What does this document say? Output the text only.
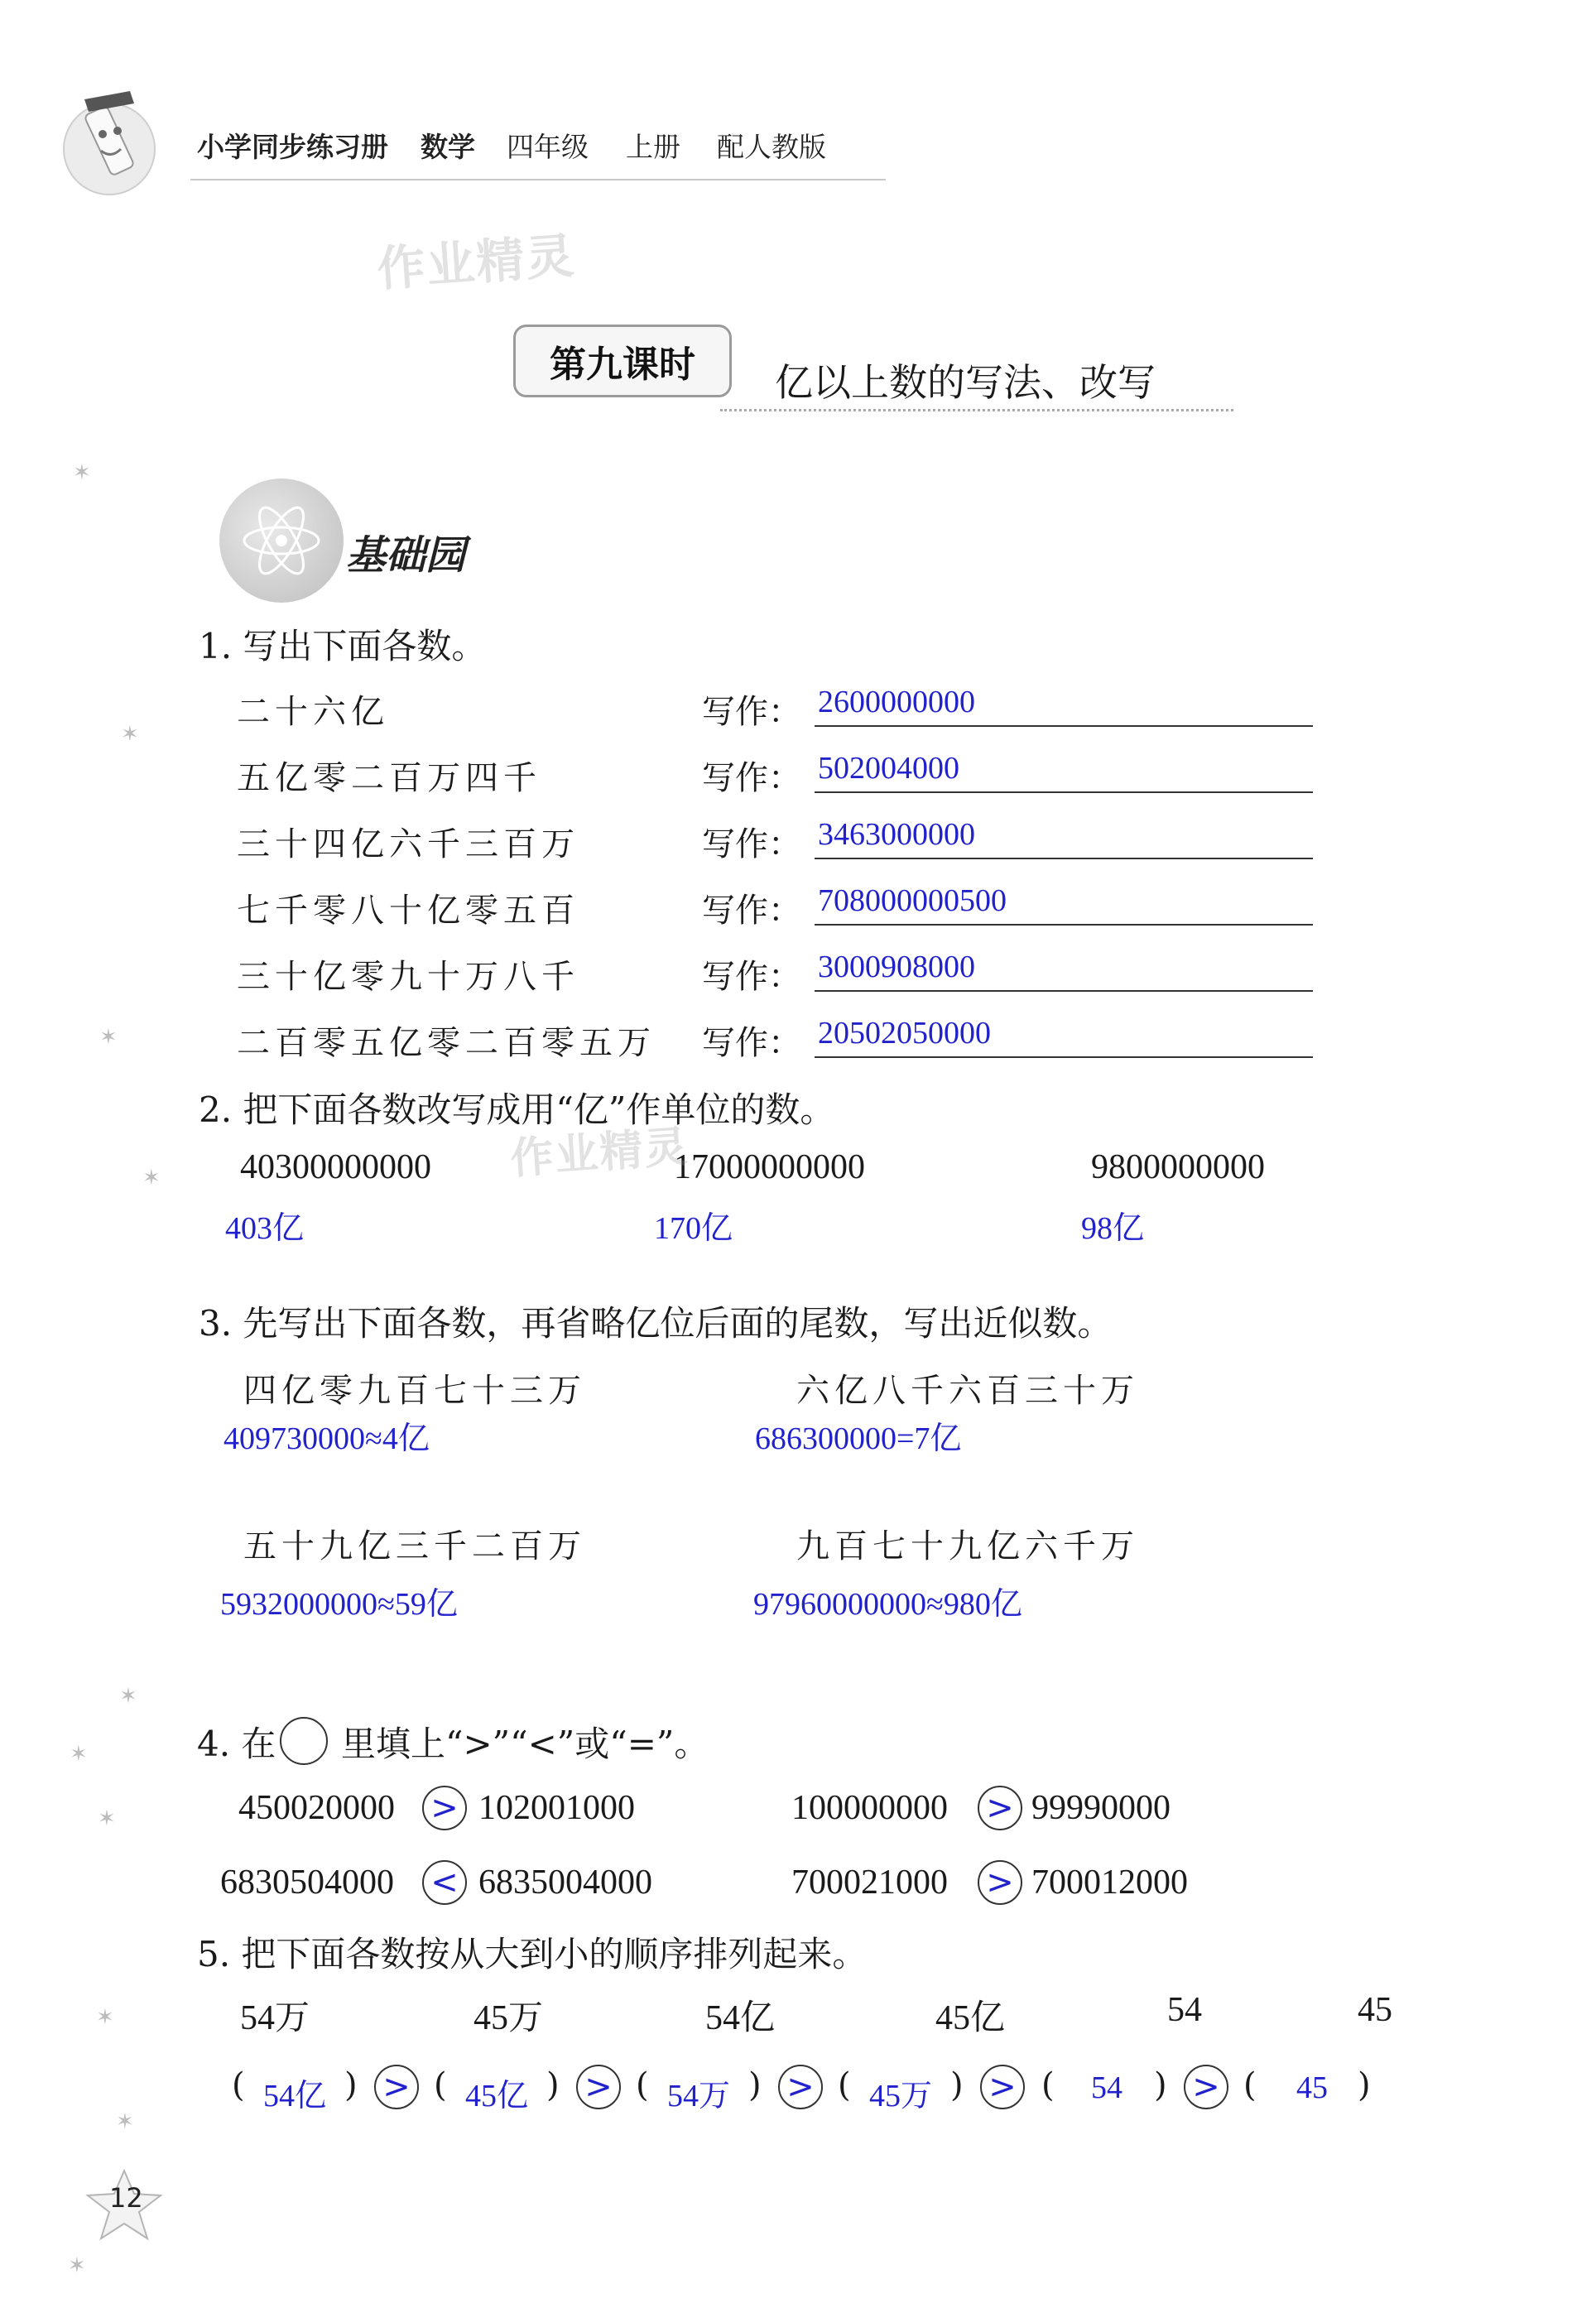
小学同步练习册 数学 四年级 上册 配人教版
作业精灵
第九课时	亿以上数的写法、改写
基础园
1. 写出下面各数。
二十六亿	写作： 2600000000
五亿零二百万四千	写作： 502004000
三十四亿六千三百万	写作： 3463000000
七千零八十亿零五百	写作： 708000000500
三十亿零九十万八千	写作： 3000908000
二百零五亿零二百零五万 写作： 20502050000
2. 把下面各数改写成用“亿”作单位的数。
40300000000	17000000000	9800000000
403亿	170亿	98亿
作业精灵
3. 先写出下面各数，再省略亿位后面的尾数，写出近似数。
四亿零九百七十三万	六亿八千六百三十万
409730000≈4亿	686300000=7亿
五十九亿三千二百万	九百七十九亿六千万
5932000000≈59亿	97960000000≈980亿
4. 在 里填上“>”“<”或“=”。
450020000 > 102001000	100000000 > 99990000
6830504000 < 6835004000	700021000 > 700012000
5. 把下面各数按从大到小的顺序排列起来。
54万	45万	54亿	45亿	54	45
( 54亿 ) > ( 45亿 ) > ( 54万 ) > ( 45万 ) > ( 54 ) > ( 45 )
✶
✶
✶
✶
✶
✶
✶
✶
✶
✶
12
